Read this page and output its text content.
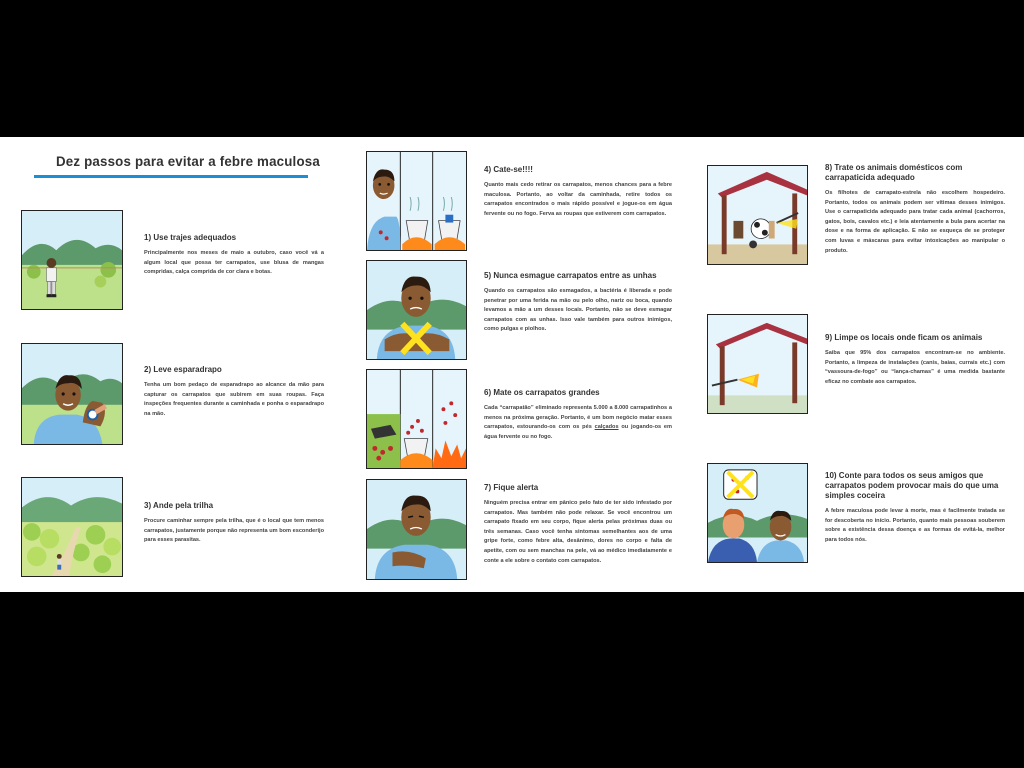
Dez passos para evitar a febre maculosa
1) Use trajes adequados

Principalmente nos meses de maio a outubro, caso você vá a algum local que possa ter carrapatos, use blusa de mangas compridas, calça comprida de cor clara e botas.

2) Leve esparadrapo

Tenha um bom pedaço de esparadrapo ao alcance da mão para capturar os carrapatos que subirem em suas roupas. Faça inspeções frequentes durante a caminhada e ponha o esparadrapo na mão.

3) Ande pela trilha

Procure caminhar sempre pela trilha, que é o local que tem menos carrapatos, justamente porque não representa um bom esconderijo para esses parasitas.

4) Cate-se!!!!

Quanto mais cedo retirar os carrapatos, menos chances para a febre maculosa. Portanto, ao voltar da caminhada, retire todos os carrapatos encontrados o mais rápido possível e jogue-os em água fervente ou no fogo. Ferva as roupas que estiverem com carrapatos.

5) Nunca esmague carrapatos entre as unhas

Quando os carrapatos são esmagados, a bactéria é liberada e pode penetrar por uma ferida na mão ou pelo olho, nariz ou boca, quando levamos a mão a um desses locais. Portanto, não se deve esmagar carrapatos com as unhas. Isso vale também para outros inimigos, como pulgas e piolhos.

6) Mate os carrapatos grandes

Cada “carrapatão” eliminado representa 5.000 a 8.000 carrapatinhos a menos na próxima geração. Portanto, é um bom negócio matar esses carrapatos, estourando-os com os pés calçados ou jogando-os em água fervente ou no fogo.

7) Fique alerta

Ninguém precisa entrar em pânico pelo fato de ter sido infestado por carrapatos. Mas também não pode relaxar. Se você encontrou um carrapato fixado em seu corpo, fique alerta pelas próximas duas ou três semanas. Caso você tenha sintomas semelhantes aos de uma gripe forte, como febre alta, desânimo, dores no corpo e falta de apetite, com ou sem manchas na pele, vá ao médico imediatamente e conte a ele sobre o contato com carrapatos.

8) Trate os animais domésticos com carrapaticida adequado

Os filhotes de carrapato-estrela não escolhem hospedeiro. Portanto, todos os animais podem ser vítimas desses inimigos. Use o carrapaticida adequado para tratar cada animal (cachorros, gatos, bois, cavalos etc.) e leia atentamente a bula para acertar na dose e na forma de aplicação. E não se esqueça de se proteger com luvas e máscaras para evitar intoxicações ao manipular o produto.

9) Limpe os locais onde ficam os animais

Saiba que 95% dos carrapatos encontram-se no ambiente. Portanto, a limpeza de instalações (canis, baias, currais etc.) com “vassoura-de-fogo” ou “lança-chamas” é uma medida bastante eficaz no combate aos carrapatos.

10) Conte para todos os seus amigos que carrapatos podem provocar mais do que uma simples coceira

A febre maculosa pode levar à morte, mas é facilmente tratada se for descoberta no início. Portanto, quanto mais pessoas souberem sobre a existência dessa doença e as formas de evitá-la, melhor para todos nós.
